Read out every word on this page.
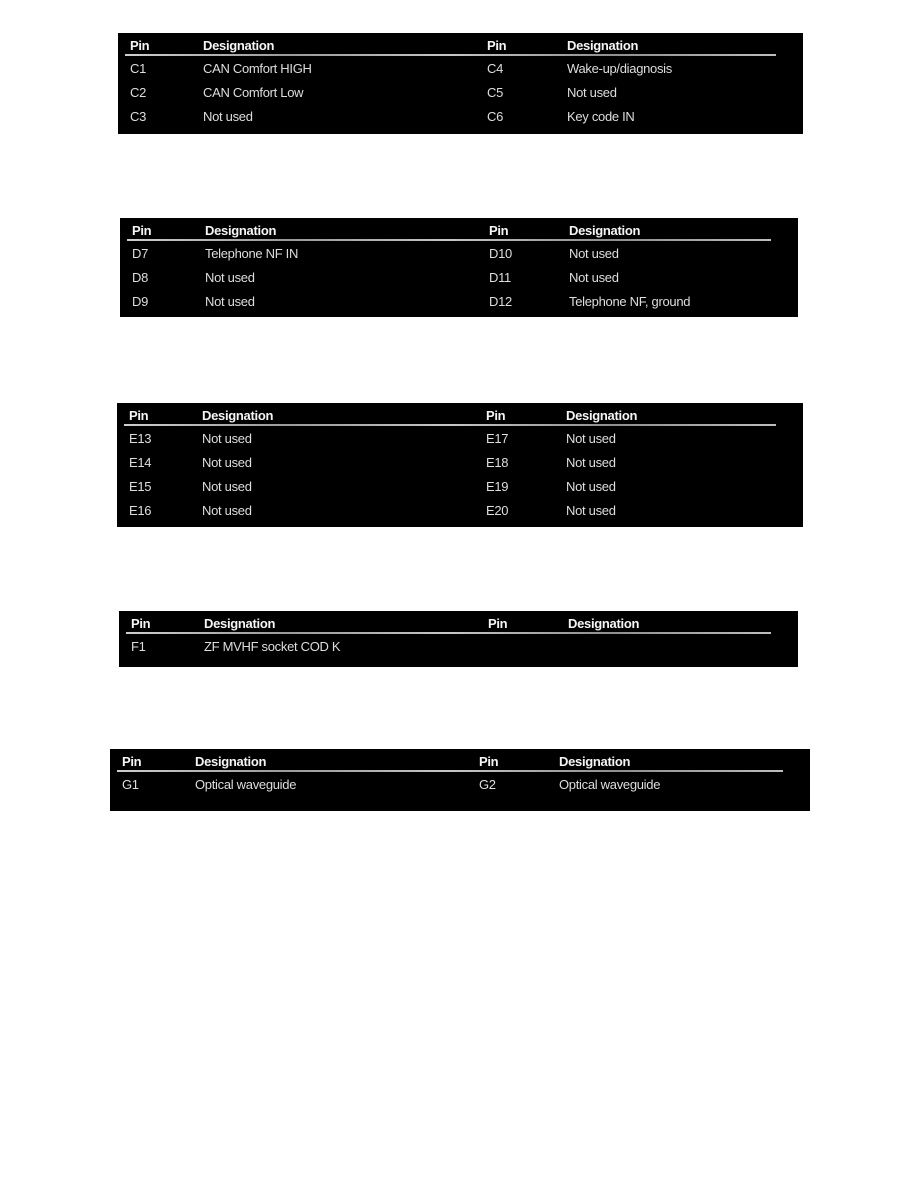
Pin	Designation	Pin	Designation
C1	CAN Comfort HIGH	C4	Wake-up/diagnosis
C2	CAN Comfort Low	C5	Not used
C3	Not used	C6	Key code IN
Pin	Designation	Pin	Designation
D7	Telephone NF IN	D10	Not used
D8	Not used	D11	Not used
D9	Not used	D12	Telephone NF, ground
Pin	Designation	Pin	Designation
E13	Not used	E17	Not used
E14	Not used	E18	Not used
E15	Not used	E19	Not used
E16	Not used	E20	Not used
Pin	Designation	Pin	Designation
F1	ZF MVHF socket COD K
Pin	Designation	Pin	Designation
G1	Optical waveguide	G2	Optical waveguide
